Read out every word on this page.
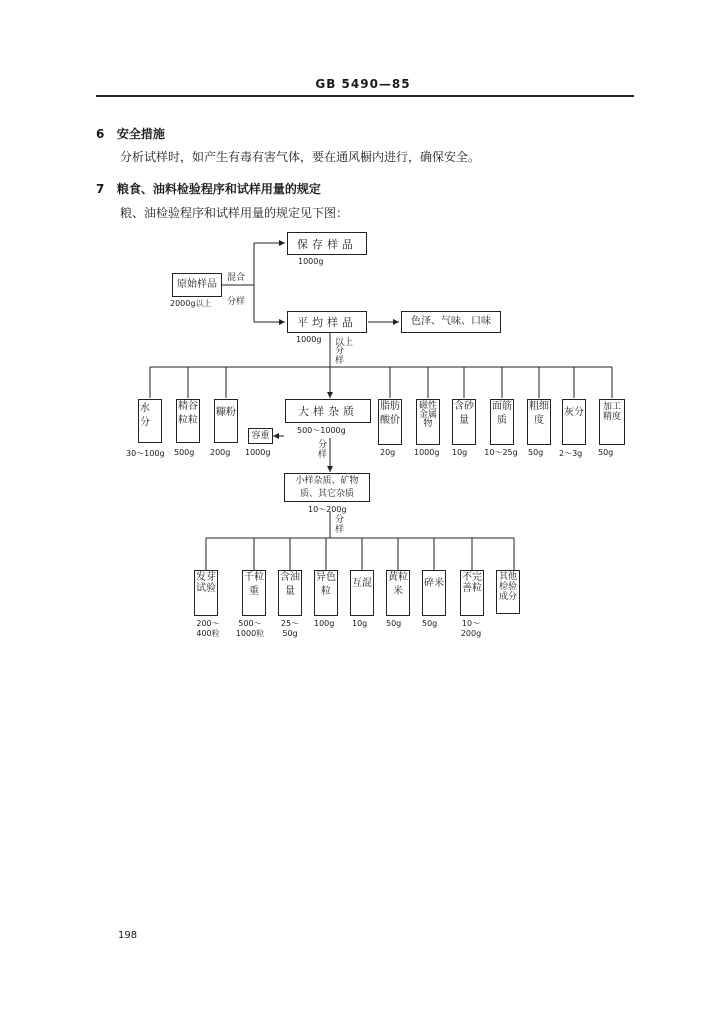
GB 5490—85
6 安全措施
分析试样时，如产生有毒有害气体，要在通风橱内进行，确保安全。
7 粮食、油料检验程序和试样用量的规定
粮、油检验程序和试样用量的规定见下图：
原始样品
2000g以上
混合
分样
保存样品
1000g
平均样品
1000g 以上
分样
色泽、气味、口味
水分
30～100g
精谷粒粒
500g
糠粉
200g
大样杂质
500～1000g
分样
容重
1000g
脂肪酸价
20g
磁性金属物
1000g
含砂量
10g
面筋质
10～25g
粗细度
50g
灰分
2～3g
加工精度
50g
小样杂质、矿物质、其它杂质
10～200g
分样
发芽试验
200～400粒
千粒重
500～1000粒
含油量
25～50g
异色粒
100g
互混
10g
黄粒米
50g
碎米
50g
不完善粒
10～200g
其他检验成分
198
